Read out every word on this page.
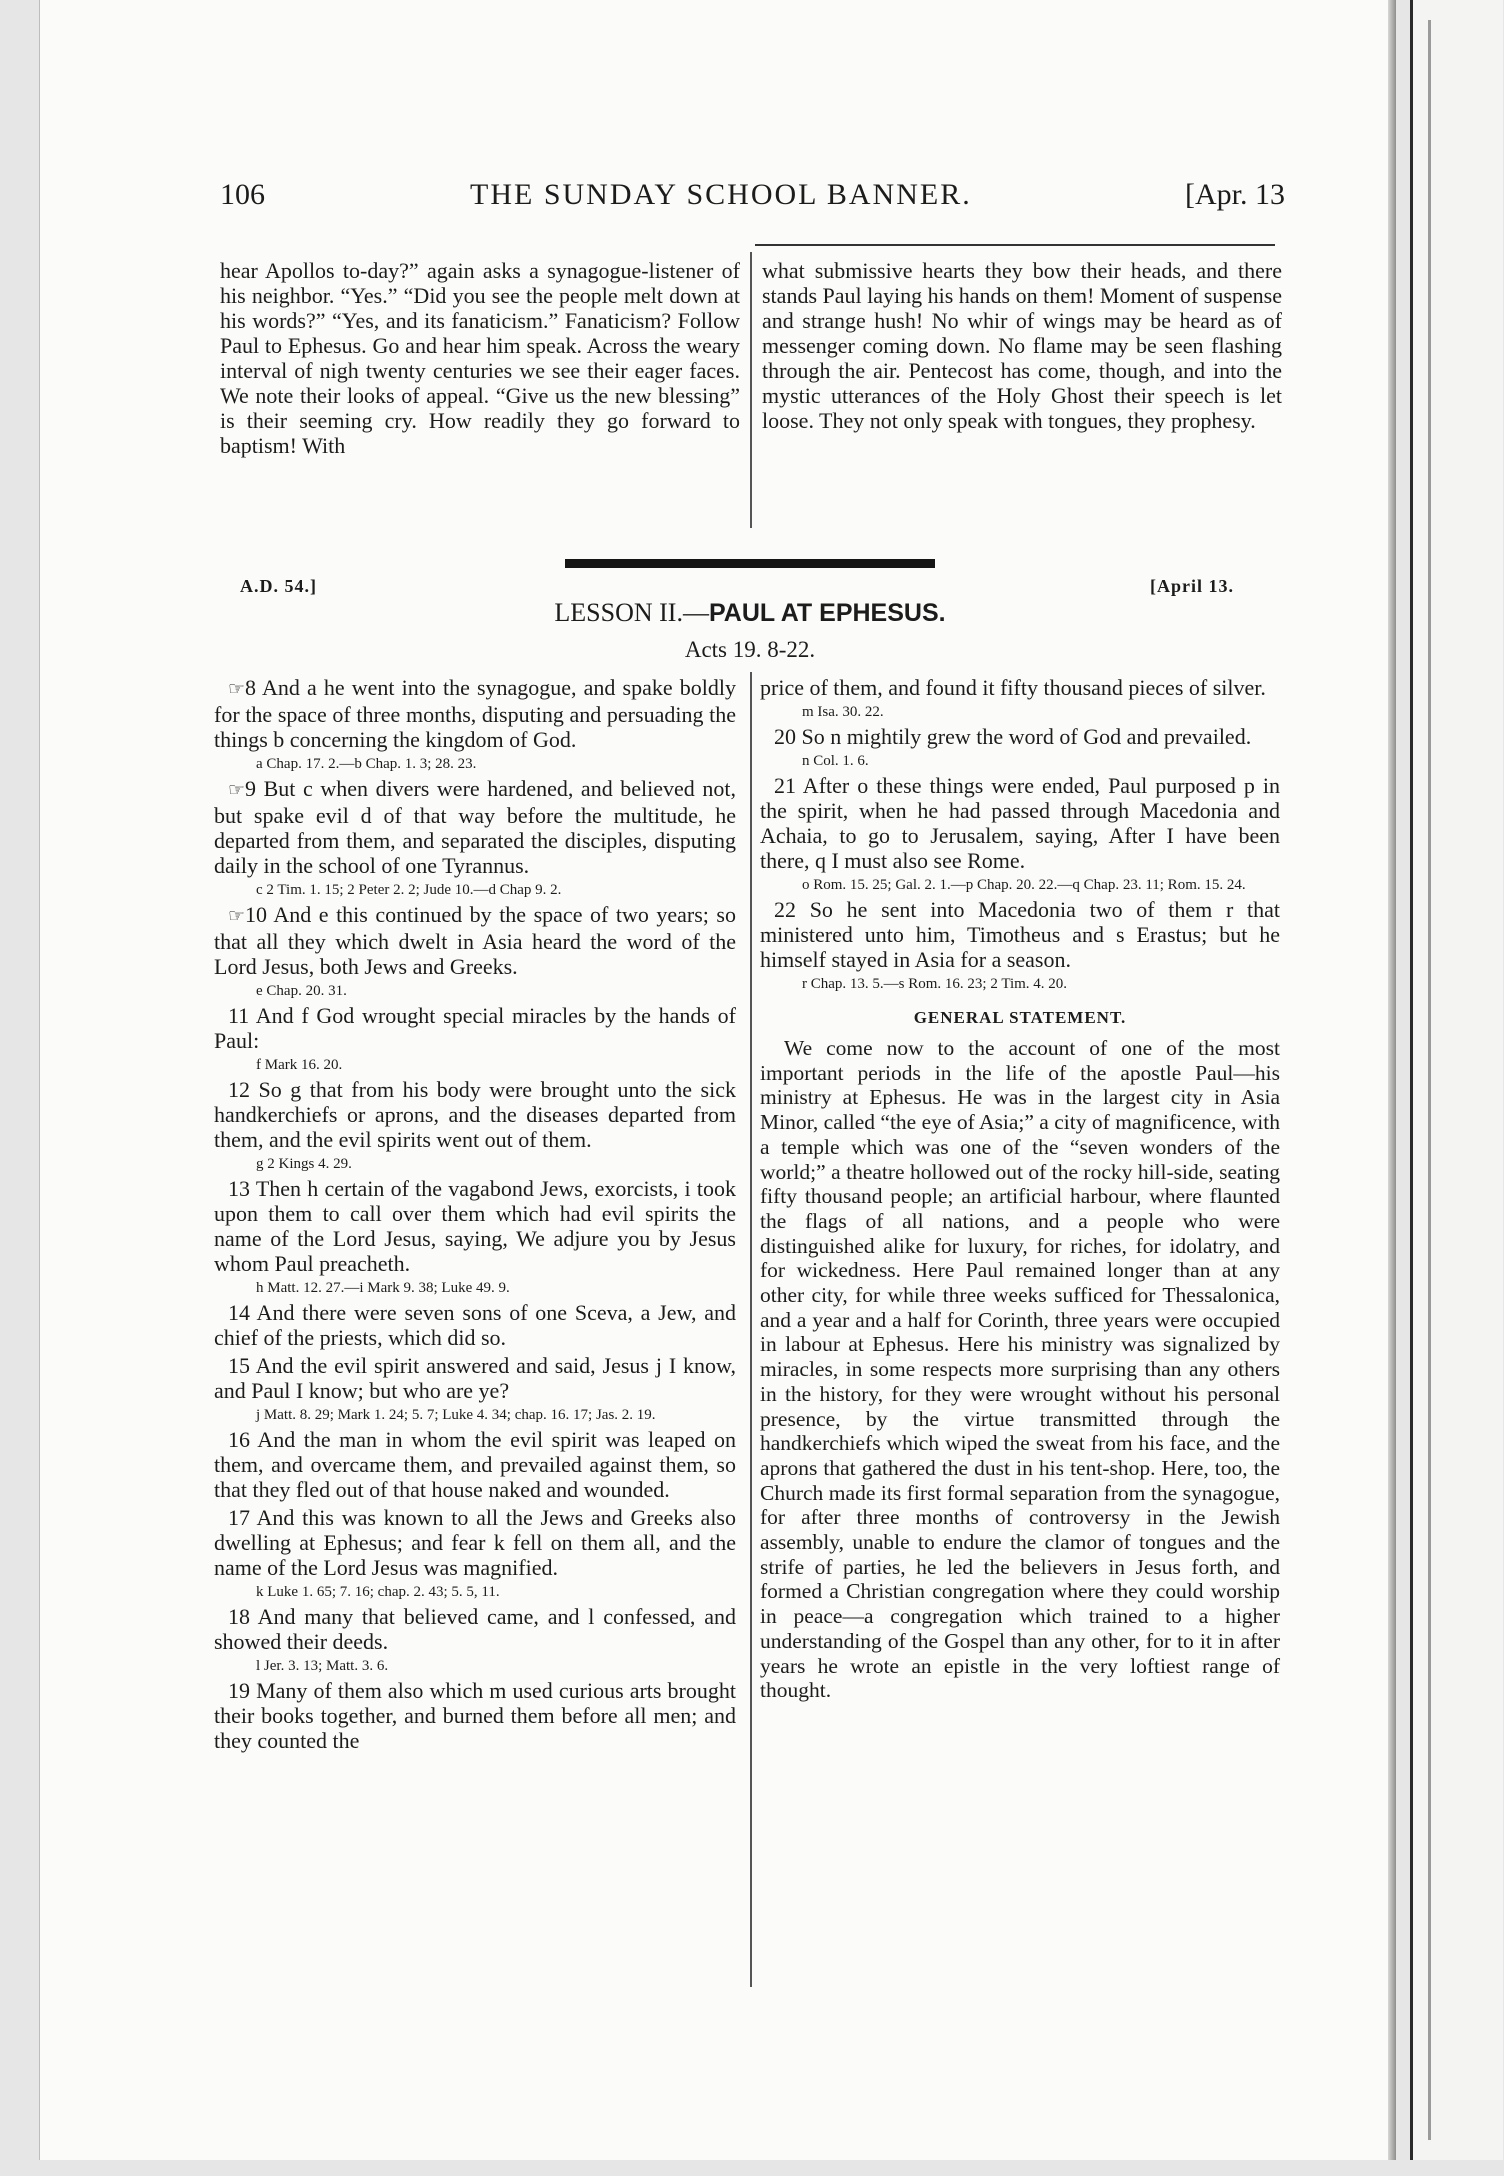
106	THE SUNDAY SCHOOL BANNER.	[Apr. 13

hear Apollos to-day?” again asks a synagogue-listener of his neighbor. “Yes.” “Did you see the people melt down at his words?” “Yes, and its fanaticism.” Fanaticism? Follow Paul to Ephesus. Go and hear him speak. Across the weary interval of nigh twenty centuries we see their eager faces. We note their looks of appeal. “Give us the new blessing” is their seeming cry. How readily they go forward to baptism! With

what submissive hearts they bow their heads, and there stands Paul laying his hands on them! Moment of suspense and strange hush! No whir of wings may be heard as of messenger coming down. No flame may be seen flashing through the air. Pentecost has come, though, and into the mystic utterances of the Holy Ghost their speech is let loose. They not only speak with tongues, they prophesy.

A.D. 54.]	[April 13.
LESSON II.—PAUL AT EPHESUS.
Acts 19. 8-22.

☞8 And a he went into the synagogue, and spake boldly for the space of three months, disputing and persuading the things b concerning the kingdom of God.

a Chap. 17. 2.—b Chap. 1. 3; 28. 23.

☞9 But c when divers were hardened, and believed not, but spake evil d of that way before the multitude, he departed from them, and separated the disciples, disputing daily in the school of one Tyrannus.

c 2 Tim. 1. 15; 2 Peter 2. 2; Jude 10.—d Chap 9. 2.

☞10 And e this continued by the space of two years; so that all they which dwelt in Asia heard the word of the Lord Jesus, both Jews and Greeks.

e Chap. 20. 31.

11 And f God wrought special miracles by the hands of Paul:

f Mark 16. 20.

12 So g that from his body were brought unto the sick handkerchiefs or aprons, and the diseases departed from them, and the evil spirits went out of them.

g 2 Kings 4. 29.

13 Then h certain of the vagabond Jews, exorcists, i took upon them to call over them which had evil spirits the name of the Lord Jesus, saying, We adjure you by Jesus whom Paul preacheth.

h Matt. 12. 27.—i Mark 9. 38; Luke 49. 9.

14 And there were seven sons of one Sceva, a Jew, and chief of the priests, which did so.

15 And the evil spirit answered and said, Jesus j I know, and Paul I know; but who are ye?

j Matt. 8. 29; Mark 1. 24; 5. 7; Luke 4. 34; chap. 16. 17; Jas. 2. 19.

16 And the man in whom the evil spirit was leaped on them, and overcame them, and prevailed against them, so that they fled out of that house naked and wounded.

17 And this was known to all the Jews and Greeks also dwelling at Ephesus; and fear k fell on them all, and the name of the Lord Jesus was magnified.

k Luke 1. 65; 7. 16; chap. 2. 43; 5. 5, 11.

18 And many that believed came, and l confessed, and showed their deeds.

l Jer. 3. 13; Matt. 3. 6.

19 Many of them also which m used curious arts brought their books together, and burned them before all men; and they counted the

price of them, and found it fifty thousand pieces of silver.

m Isa. 30. 22.

20 So n mightily grew the word of God and prevailed.

n Col. 1. 6.

21 After o these things were ended, Paul purposed p in the spirit, when he had passed through Macedonia and Achaia, to go to Jerusalem, saying, After I have been there, q I must also see Rome.

o Rom. 15. 25; Gal. 2. 1.—p Chap. 20. 22.—q Chap. 23. 11; Rom. 15. 24.

22 So he sent into Macedonia two of them r that ministered unto him, Timotheus and s Erastus; but he himself stayed in Asia for a season.

r Chap. 13. 5.—s Rom. 16. 23; 2 Tim. 4. 20.

GENERAL STATEMENT.

We come now to the account of one of the most important periods in the life of the apostle Paul—his ministry at Ephesus. He was in the largest city in Asia Minor, called “the eye of Asia;” a city of magnificence, with a temple which was one of the “seven wonders of the world;” a theatre hollowed out of the rocky hill-side, seating fifty thousand people; an artificial harbour, where flaunted the flags of all nations, and a people who were distinguished alike for luxury, for riches, for idolatry, and for wickedness. Here Paul remained longer than at any other city, for while three weeks sufficed for Thessalonica, and a year and a half for Corinth, three years were occupied in labour at Ephesus. Here his ministry was signalized by miracles, in some respects more surprising than any others in the history, for they were wrought without his personal presence, by the virtue transmitted through the handkerchiefs which wiped the sweat from his face, and the aprons that gathered the dust in his tent-shop. Here, too, the Church made its first formal separation from the synagogue, for after three months of controversy in the Jewish assembly, unable to endure the clamor of tongues and the strife of parties, he led the believers in Jesus forth, and formed a Christian congregation where they could worship in peace—a congregation which trained to a higher understanding of the Gospel than any other, for to it in after years he wrote an epistle in the very loftiest range of thought.
